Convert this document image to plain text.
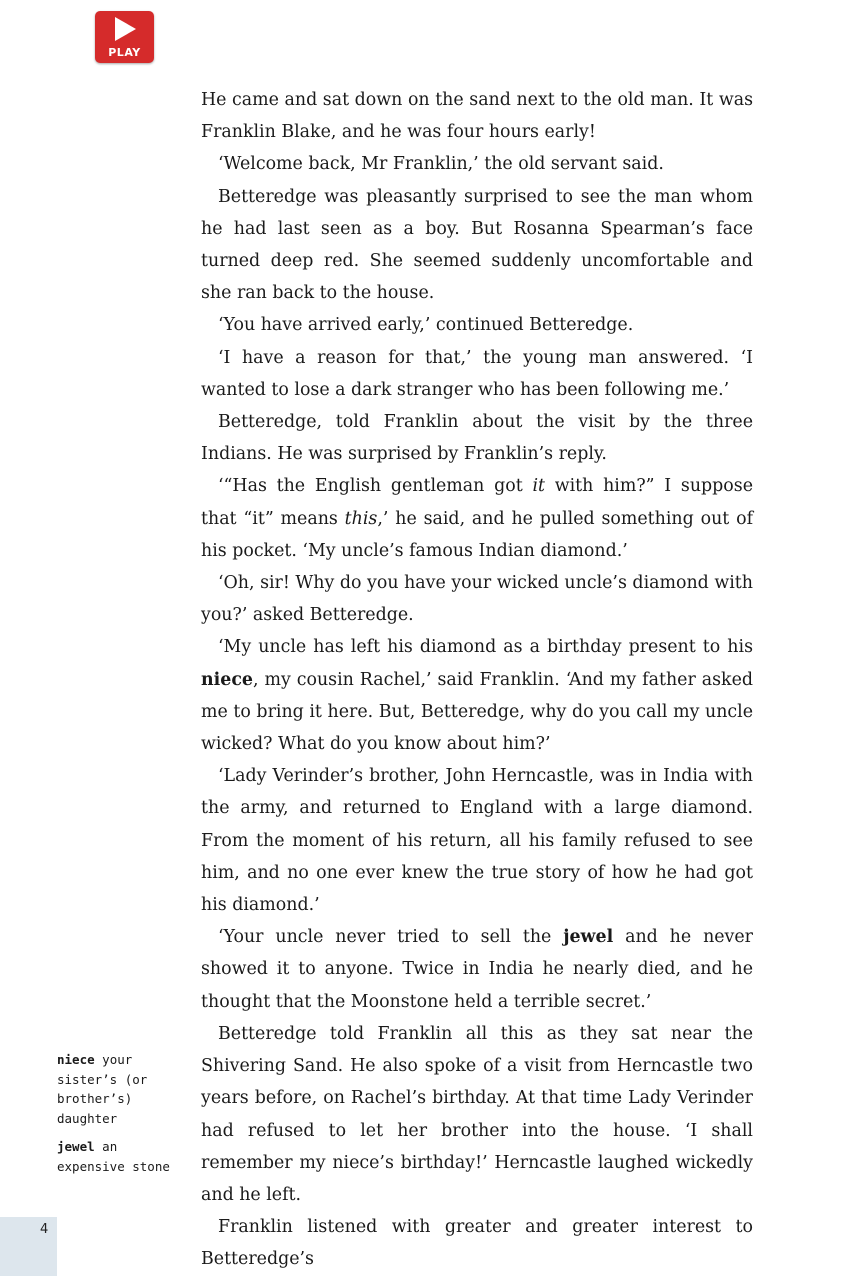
PLAY

He came and sat down on the sand next to the old man. It was Franklin Blake, and he was four hours early!

‘Welcome back, Mr Franklin,’ the old servant said.

Betteredge was pleasantly surprised to see the man whom he had last seen as a boy. But Rosanna Spearman’s face turned deep red. She seemed suddenly uncomfortable and she ran back to the house.

‘You have arrived early,’ continued Betteredge.

‘I have a reason for that,’ the young man answered. ‘I wanted to lose a dark stranger who has been following me.’

Betteredge, told Franklin about the visit by the three Indians. He was surprised by Franklin’s reply.

‘“Has the English gentleman got it with him?” I suppose that “it” means this,’ he said, and he pulled something out of his pocket. ‘My uncle’s famous Indian diamond.’

‘Oh, sir! Why do you have your wicked uncle’s diamond with you?’ asked Betteredge.

‘My uncle has left his diamond as a birthday present to his niece, my cousin Rachel,’ said Franklin. ‘And my father asked me to bring it here. But, Betteredge, why do you call my uncle wicked? What do you know about him?’

‘Lady Verinder’s brother, John Herncastle, was in India with the army, and returned to England with a large diamond. From the moment of his return, all his family refused to see him, and no one ever knew the true story of how he had got his diamond.’

‘Your uncle never tried to sell the jewel and he never showed it to anyone. Twice in India he nearly died, and he thought that the Moonstone held a terrible secret.’

Betteredge told Franklin all this as they sat near the Shivering Sand. He also spoke of a visit from Herncastle two years before, on Rachel’s birthday. At that time Lady Verinder had refused to let her brother into the house. ‘I shall remember my niece’s birthday!’ Herncastle laughed wickedly and he left.

Franklin listened with greater and greater interest to Betteredge’s

niece your sister’s (or brother’s) daughter
jewel an expensive stone
4
